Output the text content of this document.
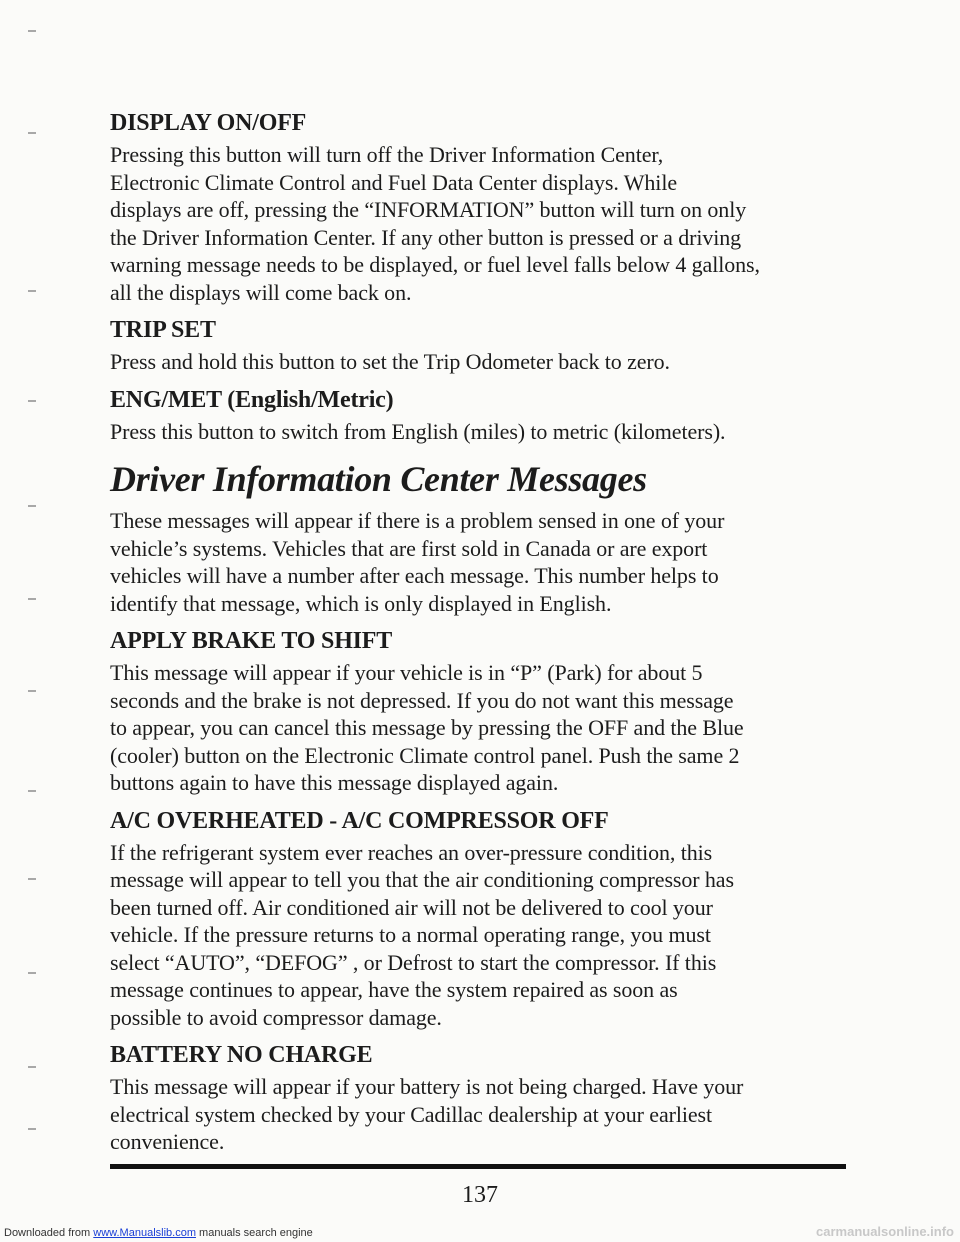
DISPLAY ON/OFF
Pressing this button will turn off the Driver Information Center,
Electronic Climate Control and Fuel Data Center displays. While
displays are off, pressing the “INFORMATION” button will turn on only
the Driver Information Center. If any other button is pressed or a driving
warning message needs to be displayed, or fuel level falls below 4 gallons,
all the displays will come back on.
TRIP SET
Press and hold this button to set the Trip Odometer back to zero.
ENG/MET (English/Metric)
Press this button to switch from English (miles) to metric (kilometers).
Driver Information Center Messages
These messages will appear if there is a problem sensed in one of your
vehicle’s systems. Vehicles that are first sold in Canada or are export
vehicles will have a number after each message. This number helps to
identify that message, which is only displayed in English.
APPLY BRAKE TO SHIFT
This message will appear if your vehicle is in “P” (Park) for about 5
seconds and the brake is not depressed. If you do not want this message
to appear, you can cancel this message by pressing the OFF and the Blue
(cooler) button on the Electronic Climate control panel. Push the same 2
buttons again to have this message displayed again.
A/C OVERHEATED - A/C COMPRESSOR OFF
If the refrigerant system ever reaches an over-pressure condition, this
message will appear to tell you that the air conditioning compressor has
been turned off. Air conditioned air will not be delivered to cool your
vehicle. If the pressure returns to a normal operating range, you must
select “AUTO”, “DEFOG” , or Defrost to start the compressor. If this
message continues to appear, have the system repaired as soon as
possible to avoid compressor damage.
BATTERY NO CHARGE
This message will appear if your battery is not being charged. Have your
electrical system checked by your Cadillac dealership at your earliest
convenience.
137
Downloaded from www.Manualslib.com manuals search engine	carmanualsonline.info
